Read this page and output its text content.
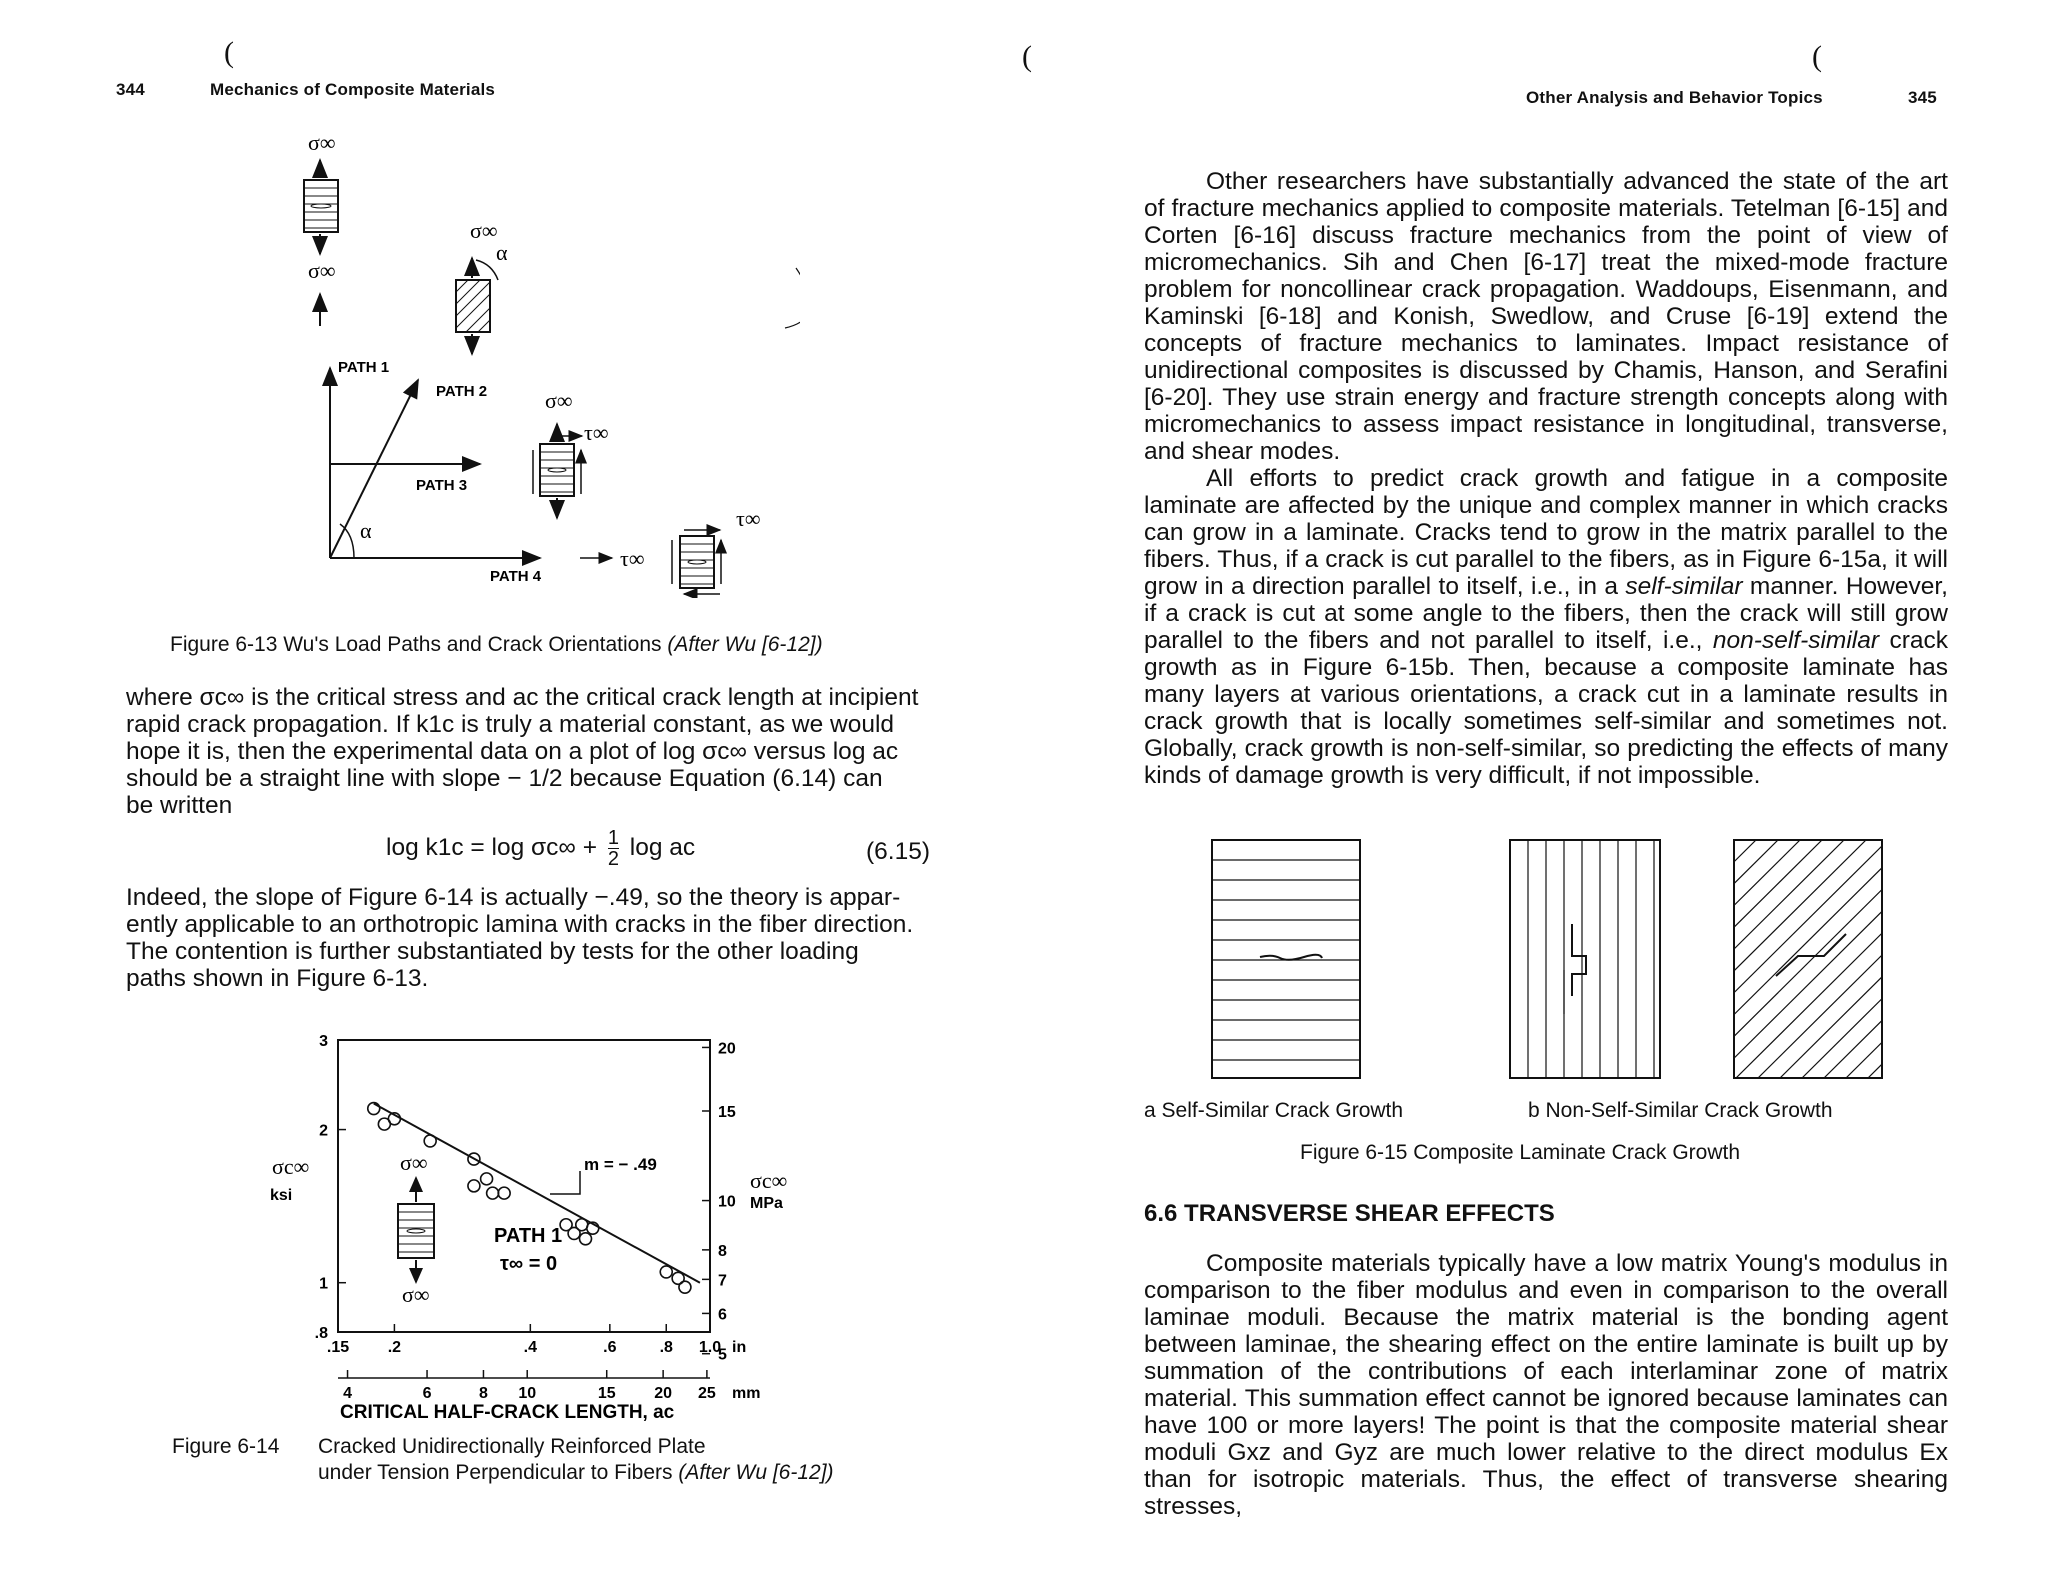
(	(	(
344	Mechanics of Composite Materials
σ∞
σ∞
σ∞
α
PATH 1
PATH 2
PATH 3
PATH 4
α
σ∞
τ∞
τ∞
τ∞
Figure 6-13 Wu's Load Paths and Crack Orientations (After Wu [6-12])

where σc∞ is the critical stress and ac the critical crack length at incipient

rapid crack propagation. If k1c is truly a material constant, as we would

hope it is, then the experimental data on a plot of log σc∞ versus log ac

should be a straight line with slope − 1/2 because Equation (6.14) can

be written

$\log k1c = \log \sigma c\infty + \frac{1}{2}$ log ac	(6.15)

Indeed, the slope of Figure 6-14 is actually −.49, so the theory is appar-

ently applicable to an orthotropic lamina with cracks in the fiber direction.

The contention is further substantiated by tests for the other loading

paths shown in Figure 6-13.

.15 .2	.4	.6	.8 1.0
4	6	8 10	15 20 25
3
2
1
.8
20
15
10
8
7
6
5
m = − .49
σ∞
σ∞
PATH 1
τ∞ = 0
σc∞
ksi
σc∞
MPa
in
mm
CRITICAL HALF-CRACK LENGTH, ac
Figure 6-14 Cracked Unidirectionally Reinforced Plate
under Tension Perpendicular to Fibers (After Wu [6-12])
Other Analysis and Behavior Topics	345

Other researchers have substantially advanced the state of the art of fracture mechanics applied to composite materials. Tetelman [6-15] and Corten [6-16] discuss fracture mechanics from the point of view of micromechanics. Sih and Chen [6-17] treat the mixed-mode fracture problem for noncollinear crack propagation. Waddoups, Eisenmann, and Kaminski [6-18] and Konish, Swedlow, and Cruse [6-19] extend the concepts of fracture mechanics to laminates. Impact resistance of unidirectional composites is discussed by Chamis, Hanson, and Serafini [6-20]. They use strain energy and fracture strength concepts along with micromechanics to assess impact resistance in longitudinal, transverse, and shear modes.

All efforts to predict crack growth and fatigue in a composite laminate are affected by the unique and complex manner in which cracks can grow in a laminate. Cracks tend to grow in the matrix parallel to the fibers. Thus, if a crack is cut parallel to the fibers, as in Figure 6-15a, it will grow in a direction parallel to itself, i.e., in a self-similar manner. However, if a crack is cut at some angle to the fibers, then the crack will still grow parallel to the fibers and not parallel to itself, i.e., non-self-similar crack growth as in Figure 6-15b. Then, because a composite laminate has many layers at various orientations, a crack cut in a laminate results in crack growth that is locally sometimes self-similar and sometimes not. Globally, crack growth is non-self-similar, so predicting the effects of many kinds of damage growth is very difficult, if not impossible.

a Self-Similar Crack Growth	b Non-Self-Similar Crack Growth
Figure 6-15 Composite Laminate Crack Growth
6.6 TRANSVERSE SHEAR EFFECTS

Composite materials typically have a low matrix Young's modulus in comparison to the fiber modulus and even in comparison to the overall laminae moduli. Because the matrix material is the bonding agent between laminae, the shearing effect on the entire laminate is built up by summation of the contributions of each interlaminar zone of matrix material. This summation effect cannot be ignored because laminates can have 100 or more layers! The point is that the composite material shear moduli Gxz and Gyz are much lower relative to the direct modulus Ex than for isotropic materials. Thus, the effect of transverse shearing stresses,
